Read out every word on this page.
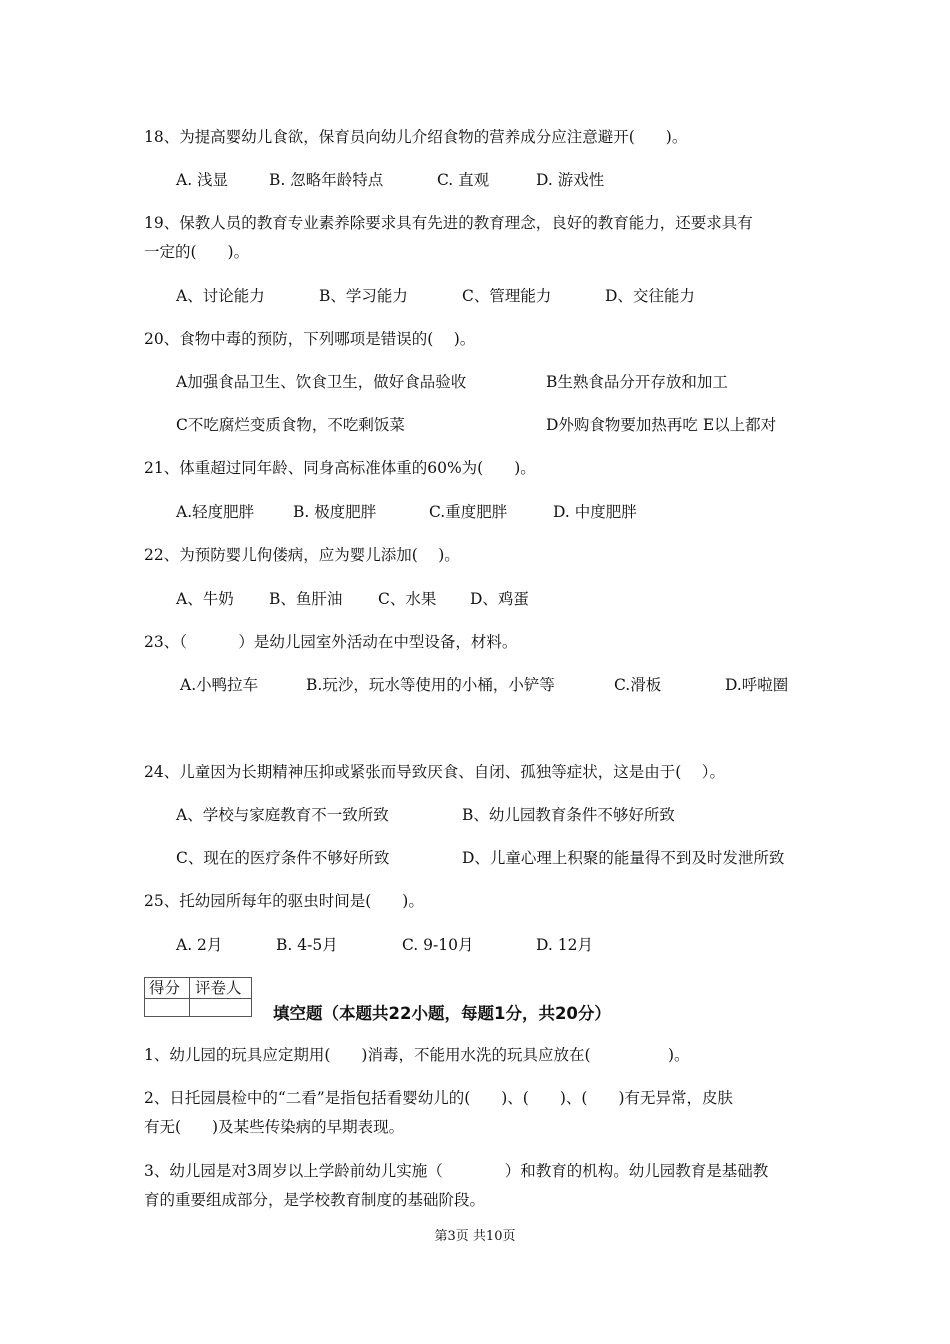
18、为提高婴幼儿食欲，保育员向幼儿介绍食物的营养成分应注意避开(　　)。
A. 浅显	B. 忽略年龄特点	C. 直观	D. 游戏性
19、保教人员的教育专业素养除要求具有先进的教育理念，良好的教育能力，还要求具有
一定的(　　)。
A、讨论能力	B、学习能力	C、管理能力	D、交往能力
20、食物中毒的预防，下列哪项是错误的(　 )。
A加强食品卫生、饮食卫生，做好食品验收	B生熟食品分开存放和加工
C不吃腐烂变质食物，不吃剩饭菜	D外购食物要加热再吃 E以上都对
21、体重超过同年龄、同身高标准体重的60%为(　　)。
A.轻度肥胖	B. 极度肥胖	C.重度肥胖	D. 中度肥胖
22、为预防婴儿佝偻病，应为婴儿添加(　 )。
A、牛奶 B、鱼肝油 C、水果 D、鸡蛋
23、（　　　 ）是幼儿园室外活动在中型设备，材料。
A.小鸭拉车	B.玩沙，玩水等使用的小桶，小铲等	C.滑板	D.呼啦圈
24、儿童因为长期精神压抑或紧张而导致厌食、自闭、孤独等症状，这是由于(　 ）。
A、学校与家庭教育不一致所致	B、幼儿园教育条件不够好所致
C、现在的医疗条件不够好所致	D、儿童心理上积聚的能量得不到及时发泄所致
25、托幼园所每年的驱虫时间是(　　)。
A. 2月	B. 4-5月	C. 9-10月	D. 12月
得分 评卷人
填空题（本题共22小题，每题1分，共20分）
1、幼儿园的玩具应定期用(　　)消毒，不能用水洗的玩具应放在(　　　　　)。
2、日托园晨检中的“二看”是指包括看婴幼儿的(　　)、(　　)、(　　)有无异常，皮肤
有无(　　)及某些传染病的早期表现。
3、幼儿园是对3周岁以上学龄前幼儿实施（　　　　）和教育的机构。幼儿园教育是基础教
育的重要组成部分，是学校教育制度的基础阶段。
第3页 共10页
